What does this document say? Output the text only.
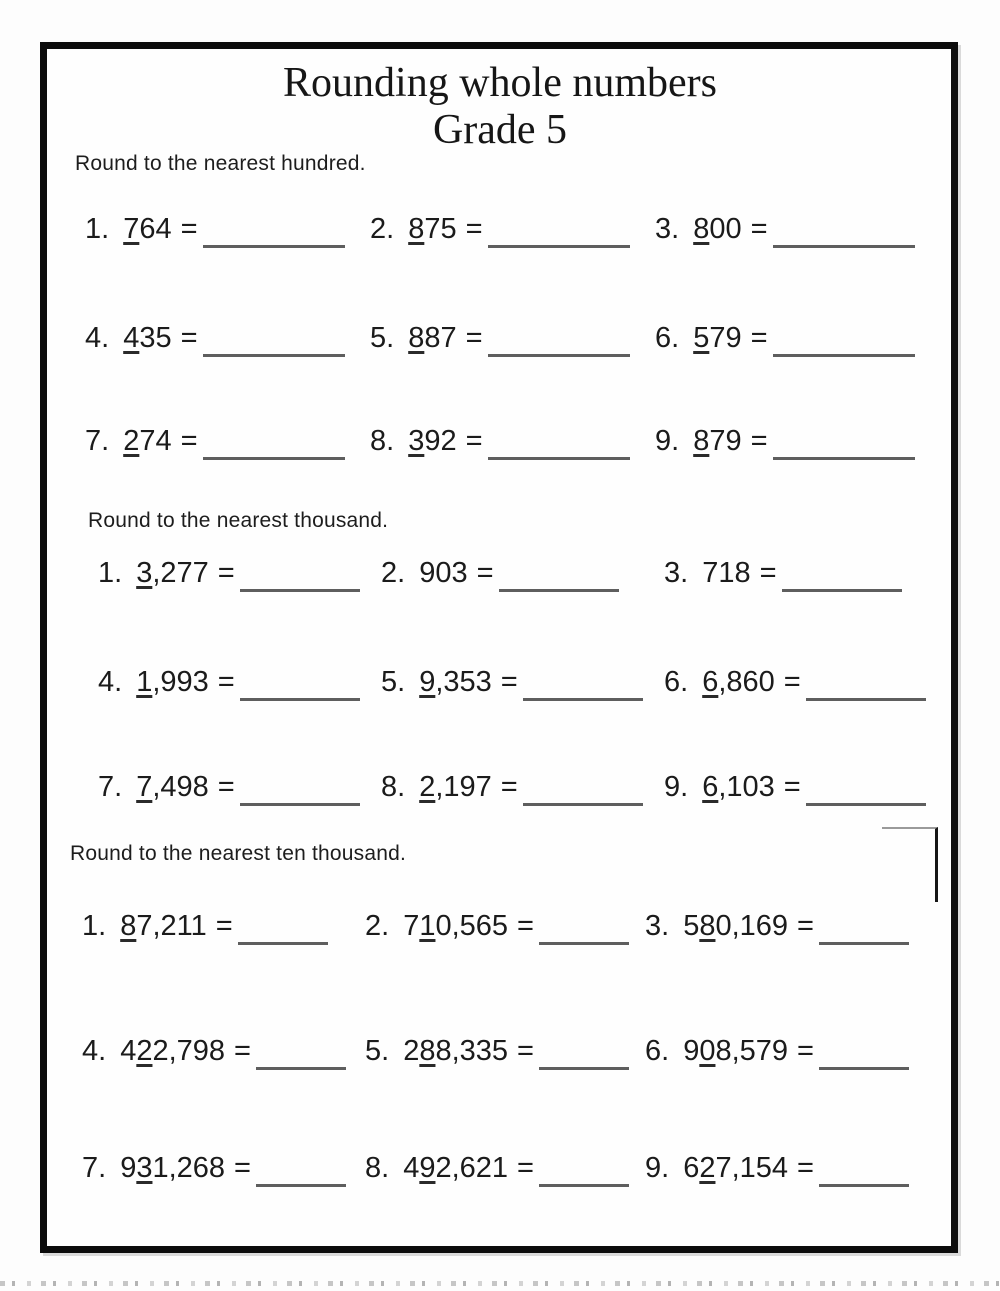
Rounding whole numbers
Grade 5
Round to the nearest hundred.
Round to the nearest thousand.
Round to the nearest ten thousand.
1. 764 =	2. 875 =	3. 800 =
4. 435 =	5. 887 =	6. 579 =
7. 274 =	8. 392 =	9. 879 =
1. 3,277 =	2. 903 =	3. 718 =
4. 1,993 =	5. 9,353 =	6. 6,860 =
7. 7,498 =	8. 2,197 =	9. 6,103 =
1. 87,211 =	2. 710,565 =	3. 580,169 =
4. 422,798 =	5. 288,335 =	6. 908,579 =
7. 931,268 =	8. 492,621 =	9. 627,154 =
